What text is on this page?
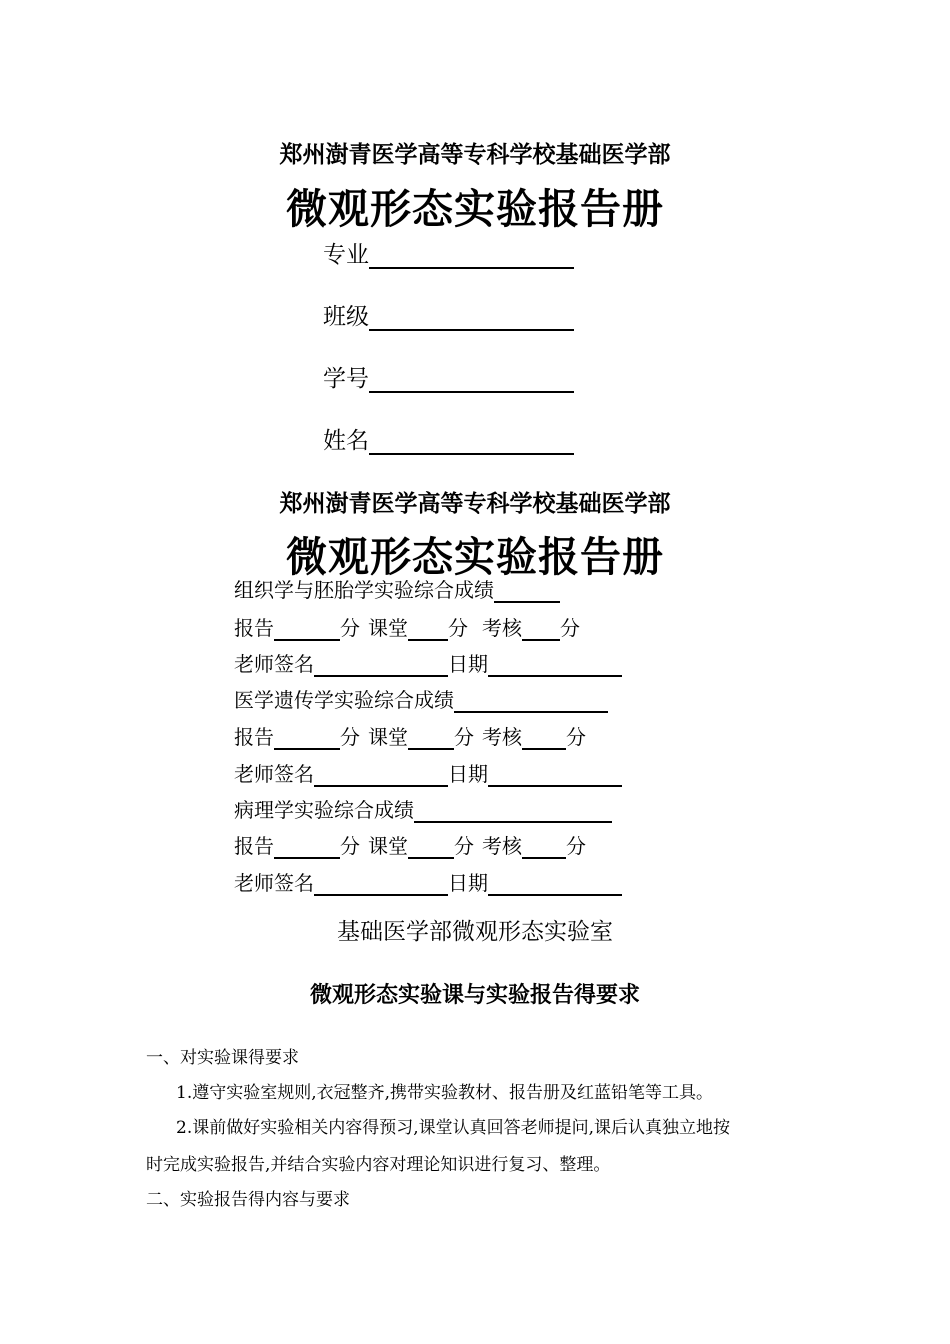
郑州澍青医学高等专科学校基础医学部
微观形态实验报告册
专业
班级
学号
姓名
郑州澍青医学高等专科学校基础医学部
微观形态实验报告册
组织学与胚胎学实验综合成绩
报告	分 课堂 分 考核 分
老师签名	日期
医学遗传学实验综合成绩
报告	分 课堂 分 考核 分
老师签名	日期
病理学实验综合成绩
报告	分 课堂 分 考核 分
老师签名	日期
基础医学部微观形态实验室
微观形态实验课与实验报告得要求
一、对实验课得要求
1.遵守实验室规则,衣冠整齐,携带实验教材、报告册及红蓝铅笔等工具。
2.课前做好实验相关内容得预习,课堂认真回答老师提问,课后认真独立地按
时完成实验报告,并结合实验内容对理论知识进行复习、整理。
二、实验报告得内容与要求
